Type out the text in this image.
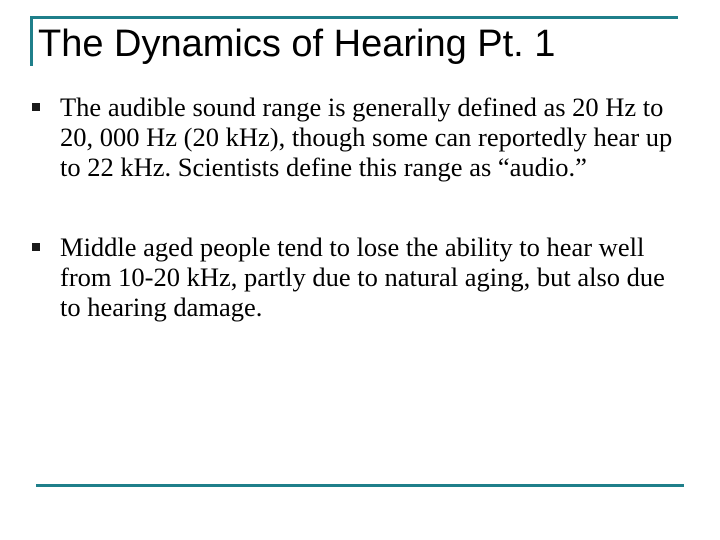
The Dynamics of Hearing Pt. 1
The audible sound range is generally defined as 20 Hz to 20, 000 Hz (20 kHz), though some can reportedly hear up to 22 kHz. Scientists define this range as “audio.”
Middle aged people tend to lose the ability to hear well from 10-20 kHz, partly due to natural aging, but also due to hearing damage.
